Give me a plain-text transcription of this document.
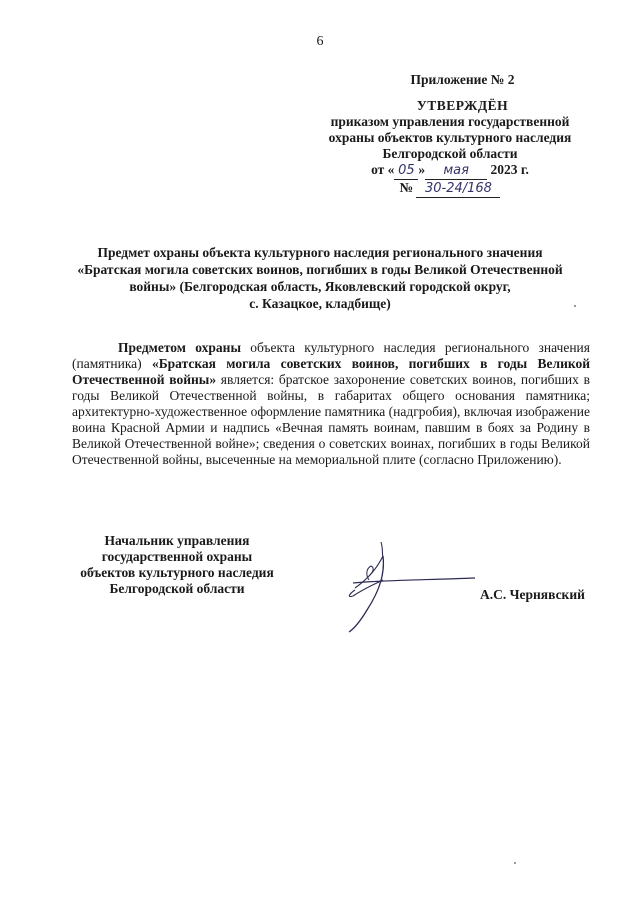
6
Приложение № 2
УТВЕРЖДЁН
приказом управления государственной
охраны объектов культурного наследия
Белгородской области
от « 05 » мая 2023 г.
№ 30-24/168

Предмет охраны объекта культурного наследия регионального значения

«Братская могила советских воинов, погибших в годы Великой Отечественной

войны» (Белгородская область, Яковлевский городской округ,

с. Казацкое, кладбище)

Предметом охраны объекта культурного наследия регионального значения (памятника) «Братская могила советских воинов, погибших в годы Великой Отечественной войны» является: братское захоронение советских воинов, погибших в годы Великой Отечественной войны, в габаритах общего основания памятника; архитектурно-художественное оформление памятника (надгробия), включая изображение воина Красной Армии и надпись «Вечная память воинам, павшим в боях за Родину в Великой Отечественной войне»; сведения о советских воинах, погибших в годы Великой Отечественной войны, высеченные на мемориальной плите (согласно Приложению).

Начальник управления
государственной охраны
объектов культурного наследия
Белгородской области	А.С. Чернявский
